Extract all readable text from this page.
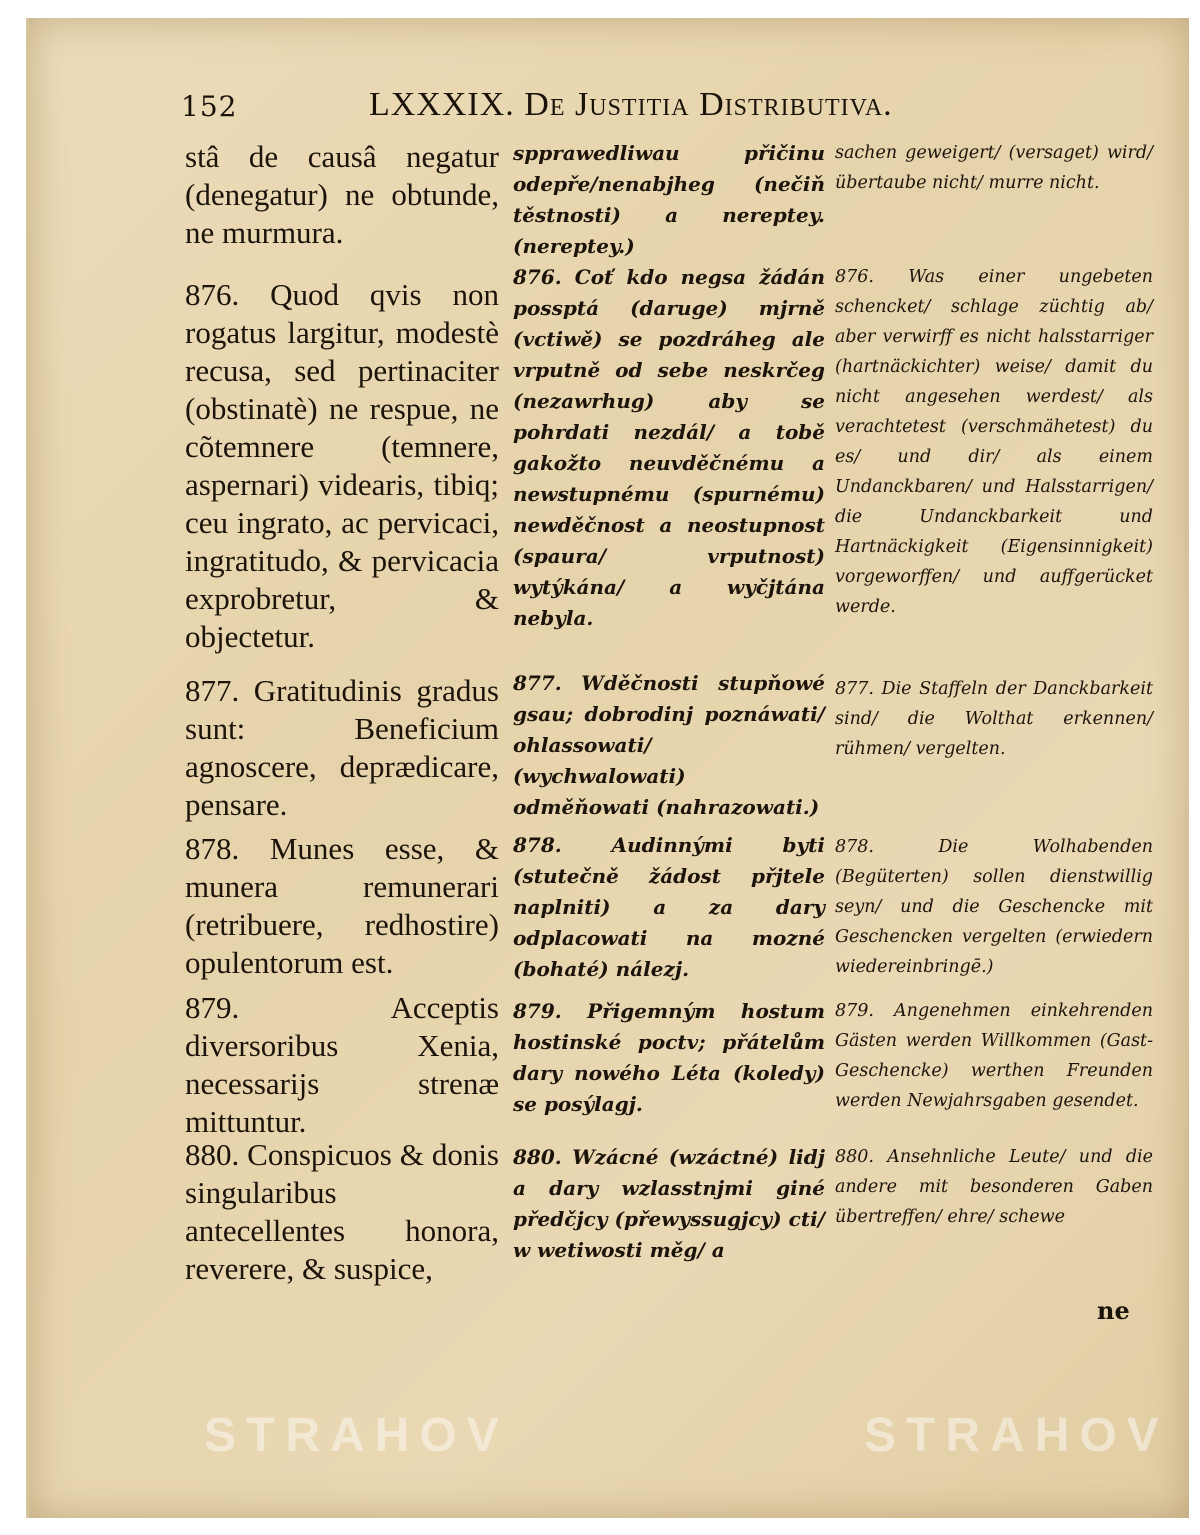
152	LXXXIX. De Justitia Distributiva.
stâ de causâ negatur (denegatur) ne obtunde, ne murmura.
876. Quod qvis non rogatus largitur, modestè recusa, sed pertinaciter (obstinatè) ne respue, ne cõtemnere (temnere, aspernari) videaris, tibiq; ceu ingrato, ac pervicaci, ingratitudo, & pervicacia exprobretur, & objectetur.
877. Gratitudinis gradus sunt: Beneficium agnoscere, deprædicare, pensare.
878. Munes esse, & munera remunerari (retribuere, redhostire) opulentorum est.
879. Acceptis diversoribus Xenia, necessarijs strenæ mittuntur.
880. Conspicuos & donis singularibus antecellentes honora, reverere, & suspice,
spprawedliwau přičinu odepře/nenabjheg (nečiň těstnosti) a nereptey. (nereptey.)
876. Coť kdo negsa žádán possptá (daruge) mjrně (vctiwě) se pozdráheg ale vrputně od sebe neskrčeg (nezawrhug) aby se pohrdati nezdál/ a tobě gakožto neuvděčnému a newstupnému (spurnému) newděčnost a neostupnost (spaura/ vrputnost) wytýkána/ a wyčjtána nebyla.
877. Wděčnosti stupňowé gsau; dobrodinj poznáwati/ ohlassowati/ (wychwalowati) odměňowati (nahrazowati.)
878. Audinnými byti (stutečně žádost přjtele naplniti) a za dary odplacowati na mozné (bohaté) nálezj.
879. Přigemným hostum hostinské poctv; přátelům dary nowého Léta (koledy) se posýlagj.
880. Wzácné (wzáctné) lidj a dary wzlasstnjmi giné předčjcy (přewyssugjcy) cti/ w wetiwosti měg/ a
sachen geweigert/ (versaget) wird/ übertaube nicht/ murre nicht.
876. Was einer ungebeten schencket/ schlage züchtig ab/ aber verwirff es nicht halsstarriger (hartnäckichter) weise/ damit du nicht angesehen werdest/ als verachtetest (verschmähetest) du es/ und dir/ als einem Undanckbaren/ und Halsstarrigen/ die Undanckbarkeit und Hartnäckigkeit (Eigensinnigkeit) vorgeworffen/ und auffgerücket werde.
877. Die Staffeln der Danckbarkeit sind/ die Wolthat erkennen/ rühmen/ vergelten.
878. Die Wolhabenden (Begüterten) sollen dienstwillig seyn/ und die Geschencke mit Geschencken vergelten (erwiedern wiedereinbringē.)
879. Angenehmen einkehrenden Gästen werden Willkommen (Gast-Geschencke) werthen Freunden werden Newjahrsgaben gesendet.
880. Ansehnliche Leute/ und die andere mit besonderen Gaben übertreffen/ ehre/ schewe
ne
STRAHOV	STRAHOV
